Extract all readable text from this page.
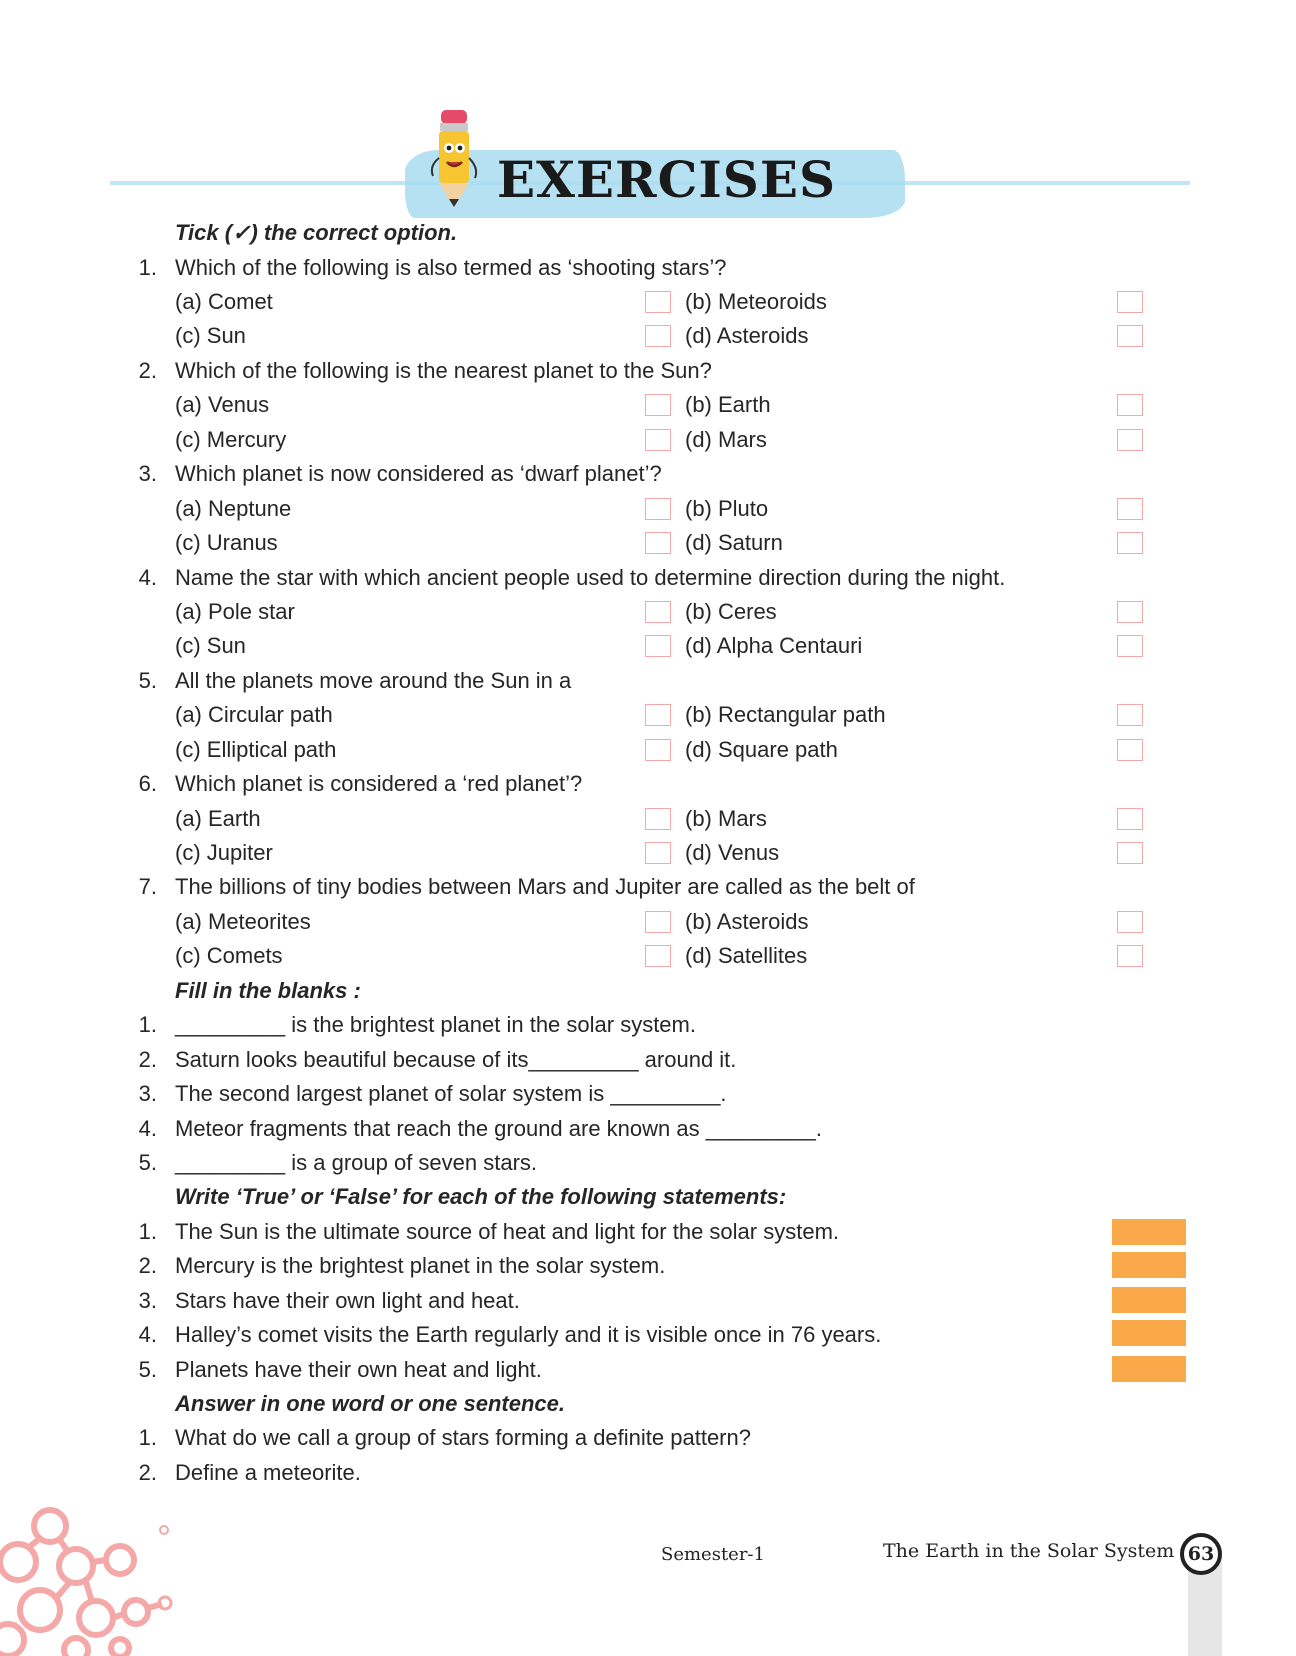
EXERCISES
Tick (✓) the correct option.
1. Which of the following is also termed as ‘shooting stars’?
(a) Comet	(b) Meteoroids
(c) Sun	(d) Asteroids
2. Which of the following is the nearest planet to the Sun?
(a) Venus	(b) Earth
(c) Mercury	(d) Mars
3. Which planet is now considered as ‘dwarf planet’?
(a) Neptune	(b) Pluto
(c) Uranus	(d) Saturn
4. Name the star with which ancient people used to determine direction during the night.
(a) Pole star	(b) Ceres
(c) Sun	(d) Alpha Centauri
5. All the planets move around the Sun in a
(a) Circular path	(b) Rectangular path
(c) Elliptical path	(d) Square path
6. Which planet is considered a ‘red planet’?
(a) Earth	(b) Mars
(c) Jupiter	(d) Venus
7. The billions of tiny bodies between Mars and Jupiter are called as the belt of
(a) Meteorites	(b) Asteroids
(c) Comets	(d) Satellites
Fill in the blanks :
1. _________ is the brightest planet in the solar system.
2. Saturn looks beautiful because of its_________ around it.
3. The second largest planet of solar system is _________.
4. Meteor fragments that reach the ground are known as _________.
5. _________ is a group of seven stars.
Write ‘True’ or ‘False’ for each of the following statements:
1. The Sun is the ultimate source of heat and light for the solar system.
2. Mercury is the brightest planet in the solar system.
3. Stars have their own light and heat.
4. Halley’s comet visits the Earth regularly and it is visible once in 76 years.
5. Planets have their own heat and light.
Answer in one word or one sentence.
1. What do we call a group of stars forming a definite pattern?
2. Define a meteorite.
Semester-1	The Earth in the Solar System 63
